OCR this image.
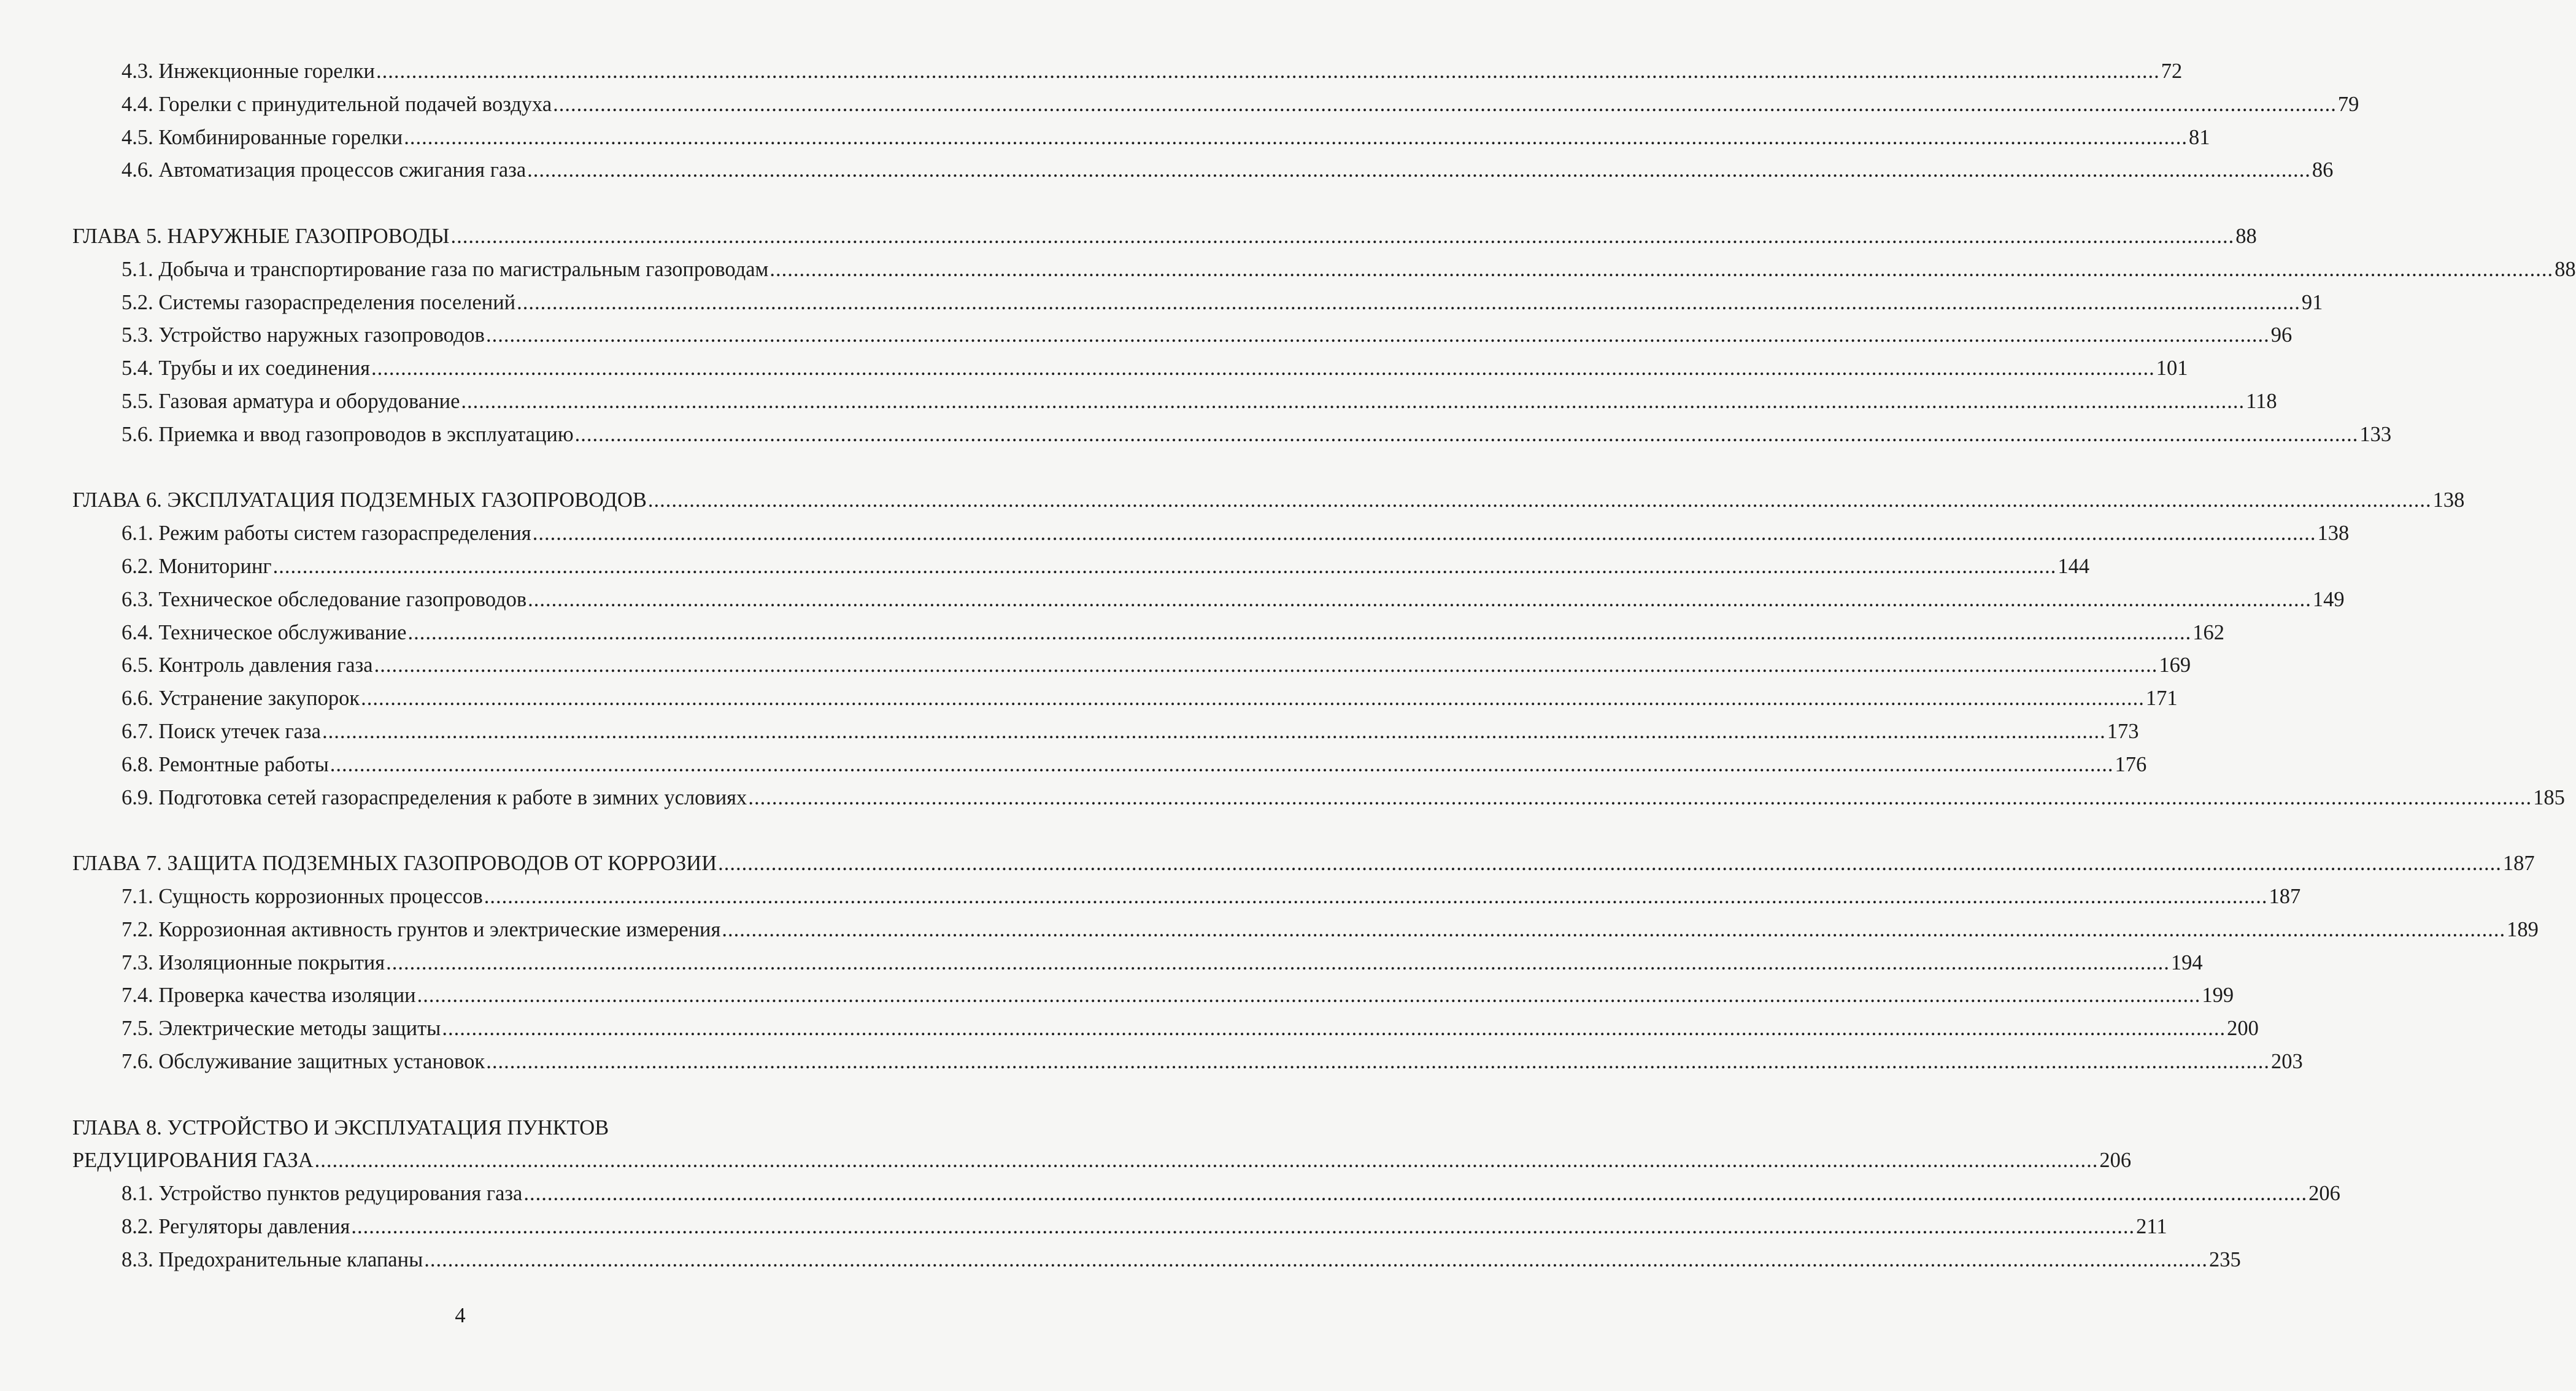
4.3. Инжекционные горелки .....	72
4.4. Горелки с принудительной подачей воздуха .....	79
4.5. Комбинированные горелки .....	81
4.6. Автоматизация процессов сжигания газа .....	86
ГЛАВА 5. НАРУЖНЫЕ ГАЗОПРОВОДЫ .....	88
5.1. Добыча и транспортирование газа по магистральным газопроводам .....	88
5.2. Системы газораспределения поселений .....	91
5.3. Устройство наружных газопроводов .....	96
5.4. Трубы и их соединения .....	101
5.5. Газовая арматура и оборудование .....	118
5.6. Приемка и ввод газопроводов в эксплуатацию .....	133
ГЛАВА 6. ЭКСПЛУАТАЦИЯ ПОДЗЕМНЫХ ГАЗОПРОВОДОВ .....	138
6.1. Режим работы систем газораспределения .....	138
6.2. Мониторинг .....	144
6.3. Техническое обследование газопроводов .....	149
6.4. Техническое обслуживание .....	162
6.5. Контроль давления газа .....	169
6.6. Устранение закупорок .....	171
6.7. Поиск утечек газа .....	173
6.8. Ремонтные работы .....	176
6.9. Подготовка сетей газораспределения к работе в зимних условиях .....	185
ГЛАВА 7. ЗАЩИТА ПОДЗЕМНЫХ ГАЗОПРОВОДОВ ОТ КОРРОЗИИ .....	187
7.1. Сущность коррозионных процессов .....	187
7.2. Коррозионная активность грунтов и электрические измерения .....	189
7.3. Изоляционные покрытия .....	194
7.4. Проверка качества изоляции .....	199
7.5. Электрические методы защиты .....	200
7.6. Обслуживание защитных установок .....	203
ГЛАВА 8. УСТРОЙСТВО И ЭКСПЛУАТАЦИЯ ПУНКТОВ
РЕДУЦИРОВАНИЯ ГАЗА .....	206
8.1. Устройство пунктов редуцирования газа .....	206
8.2. Регуляторы давления .....	211
8.3. Предохранительные клапаны .....	235
4
